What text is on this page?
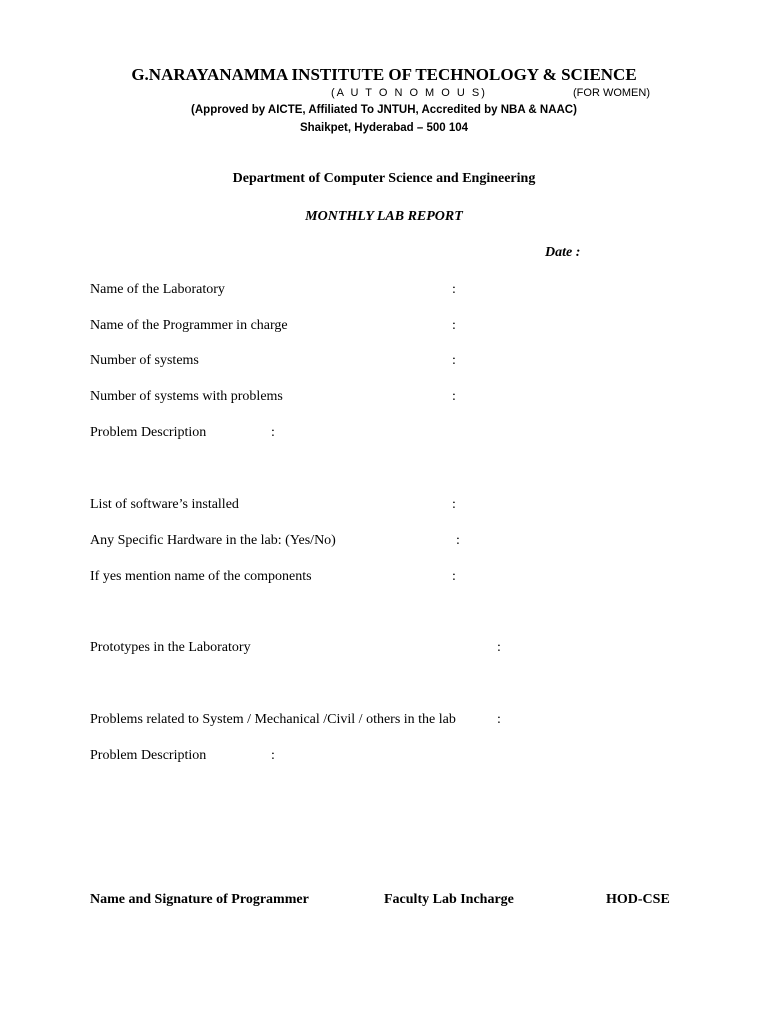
G.NARAYANAMMA INSTITUTE OF TECHNOLOGY & SCIENCE
(A U T O N O M O U S)	(FOR WOMEN)
(Approved by AICTE, Affiliated To JNTUH, Accredited by NBA & NAAC)
Shaikpet, Hyderabad – 500 104
Department of Computer Science and Engineering
MONTHLY LAB REPORT
Date :
Name of the Laboratory	:
Name of the Programmer in charge	:
Number of systems	:
Number of systems with problems	:
Problem Description	:
List of software’s installed	:
Any Specific Hardware in the lab: (Yes/No)	:
If yes mention name of the components	:
Prototypes in the Laboratory	:
Problems related to System / Mechanical /Civil / others in the lab	:
Problem Description	:
Name and Signature of Programmer	Faculty Lab Incharge	HOD-CSE
